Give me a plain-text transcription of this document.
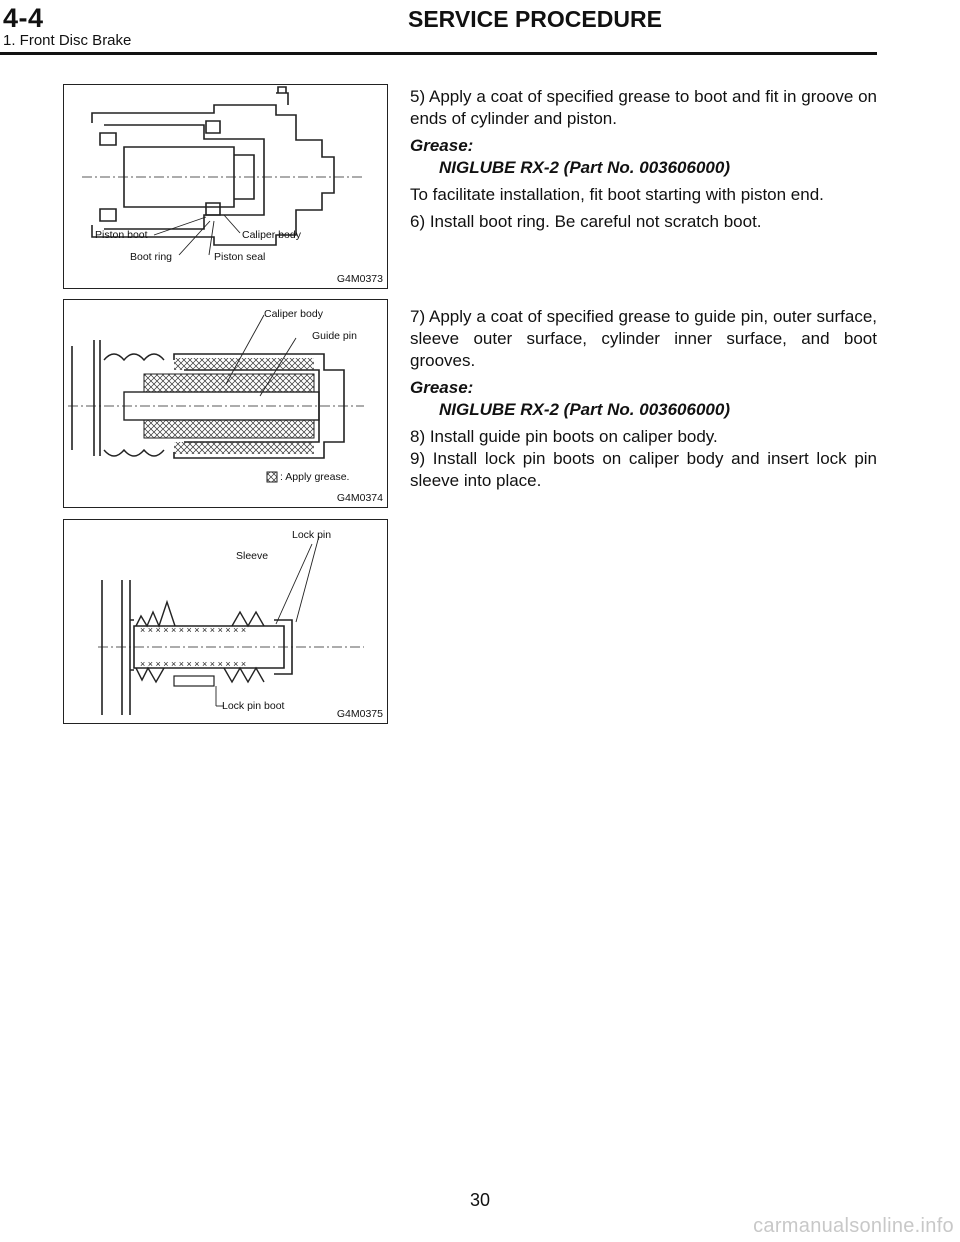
4-4	SERVICE PROCEDURE
1. Front Disc Brake
Piston boot	Caliper body
Boot ring	Piston seal
G4M0373
Caliper body
Guide pin
: Apply grease.
G4M0374
× × × × × × × × × × × × × ×
× × × × × × × × × × × × × ×
Lock pin
Sleeve
Lock pin boot
G4M0375

5) Apply a coat of specified grease to boot and fit in groove on ends of cylinder and piston.

Grease:

NIGLUBE RX-2 (Part No. 003606000)

To facilitate installation, fit boot starting with piston end.

6) Install boot ring. Be careful not scratch boot.

7) Apply a coat of specified grease to guide pin, outer surface, sleeve outer surface, cylinder inner surface, and boot grooves.

Grease:

NIGLUBE RX-2 (Part No. 003606000)

8) Install guide pin boots on caliper body.

9) Install lock pin boots on caliper body and insert lock pin sleeve into place.

30
carmanualsonline.info
